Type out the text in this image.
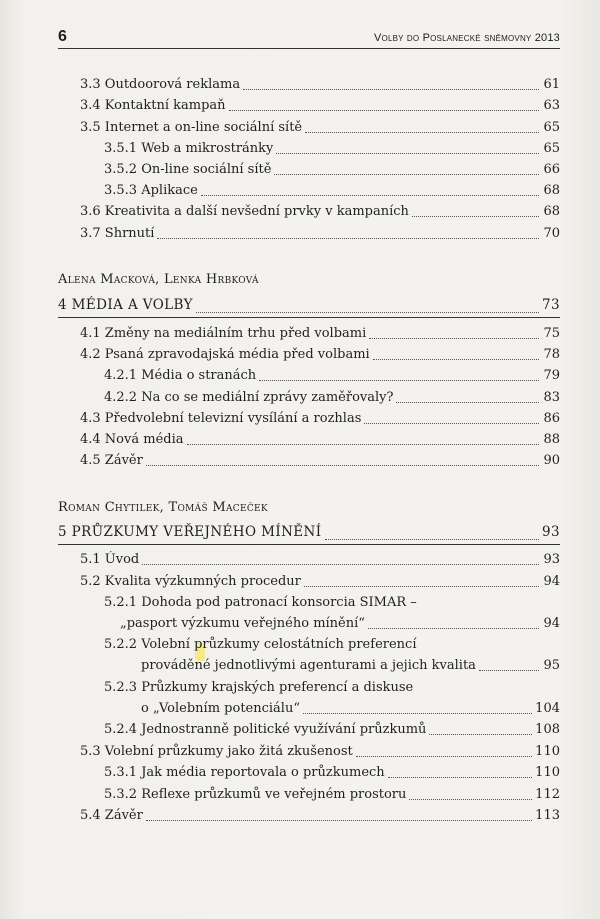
6	Volby do Poslanecké sněmovny 2013
3.3 Outdoorová reklama	61
3.4 Kontaktní kampaň	63
3.5 Internet a on-line sociální sítě	65
3.5.1 Web a mikrostránky	65
3.5.2 On-line sociální sítě	66
3.5.3 Aplikace	68
3.6 Kreativita a další nevšední prvky v kampaních	68
3.7 Shrnutí	70
Alena Macková, Lenka Hrbková
4 MÉDIA A VOLBY	73
4.1 Změny na mediálním trhu před volbami	75
4.2 Psaná zpravodajská média před volbami	78
4.2.1 Média o stranách	79
4.2.2 Na co se mediální zprávy zaměřovaly?	83
4.3 Předvolební televizní vysílání a rozhlas	86
4.4 Nová média	88
4.5 Závěr	90
Roman Chytilek, Tomáš Maceček
5 PRŮZKUMY VEŘEJNÉHO MÍNĚNÍ	93
5.1 Úvod	93
5.2 Kvalita výzkumných procedur	94
5.2.1 Dohoda pod patronací konsorcia SIMAR –
„pasport výzkumu veřejného mínění“	94
5.2.2 Volební průzkumy celostátních preferencí
prováděné jednotlivými agenturami a jejich kvalita	95
5.2.3 Průzkumy krajských preferencí a diskuse
o „Volebním potenciálu“	104
5.2.4 Jednostranně politické využívání průzkumů	108
5.3 Volební průzkumy jako žitá zkušenost	110
5.3.1 Jak média reportovala o průzkumech	110
5.3.2 Reflexe průzkumů ve veřejném prostoru	112
5.4 Závěr	113
